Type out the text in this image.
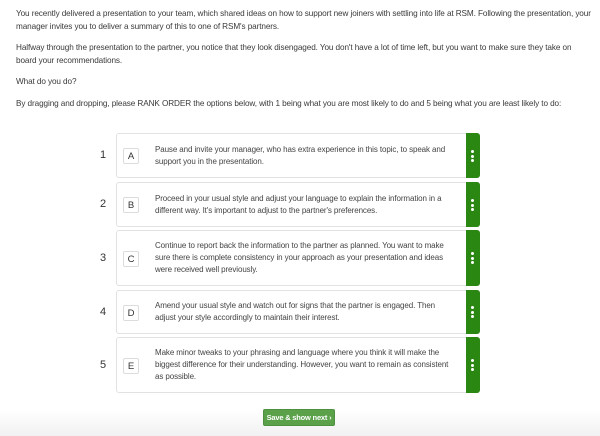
You recently delivered a presentation to your team, which shared ideas on how to support new joiners with settling into life at RSM. Following the presentation, your manager invites you to deliver a summary of this to one of RSM's partners.

Halfway through the presentation to the partner, you notice that they look disengaged. You don't have a lot of time left, but you want to make sure they take on board your recommendations.

What do you do?

By dragging and dropping, please RANK ORDER the options below, with 1 being what you are most likely to do and 5 being what you are least likely to do:

1	A
Pause and invite your manager, who has extra experience in this topic, to speak and support you in the presentation.
2	B
Proceed in your usual style and adjust your language to explain the information in a different way. It's important to adjust to the partner's preferences.
3	C
Continue to report back the information to the partner as planned. You want to make sure there is complete consistency in your approach as your presentation and ideas were received well previously.
4	D
Amend your usual style and watch out for signs that the partner is engaged. Then adjust your style accordingly to maintain their interest.
5	E
Make minor tweaks to your phrasing and language where you think it will make the biggest difference for their understanding. However, you want to remain as consistent as possible.
Save & show next ›
